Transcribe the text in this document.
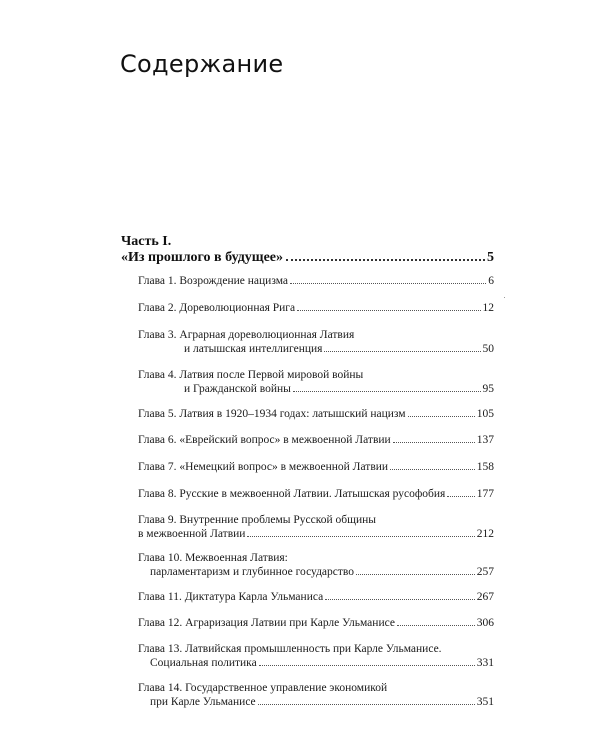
Содержание
Часть I.
«Из прошлого в будущее»	5
Глава 1. Возрождение нацизма	6
Глава 2. Дореволюционная Рига	12
Глава 3. Аграрная дореволюционная Латвия
и латышская интеллигенция	50
Глава 4. Латвия после Первой мировой войны
и Гражданской войны	95
Глава 5. Латвия в 1920–1934 годах: латышский нацизм	105
Глава 6. «Еврейский вопрос» в межвоенной Латвии	137
Глава 7. «Немецкий вопрос» в межвоенной Латвии	158
Глава 8. Русские в межвоенной Латвии. Латышская русофобия	177
Глава 9. Внутренние проблемы Русской общины
в межвоенной Латвии	212
Глава 10. Межвоенная Латвия:
парламентаризм и глубинное государство	257
Глава 11. Диктатура Карла Ульманиса	267
Глава 12. Аграризация Латвии при Карле Ульманисе	306
Глава 13. Латвийская промышленность при Карле Ульманисе.
Социальная политика	331
Глава 14. Государственное управление экономикой
при Карле Ульманисе	351
